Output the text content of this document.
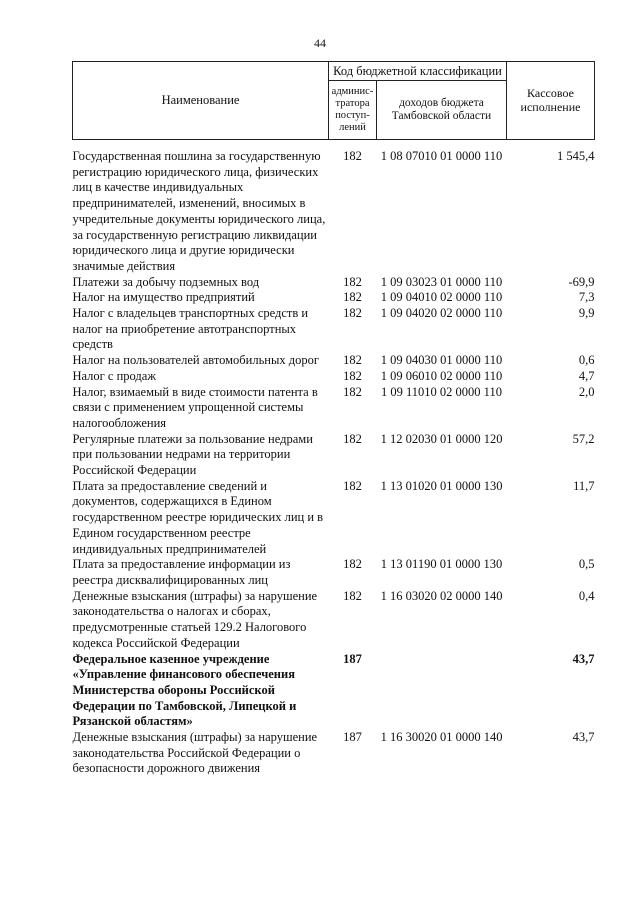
44
Наименование	Код бюджетной классификации		Кассовое исполнение
	админис-тратора поступ-лений	доходов бюджета Тамбовской области	

Государственная пошлина за государственную регистрацию юридического лица, физических лиц в качестве индивидуальных предпринимателей, изменений, вносимых в учредительные документы юридического лица, за государственную регистрацию ликвидации юридического лица и другие юридически значимые действия	182	1 08 07010 01 0000 110	1 545,4
Платежи за добычу подземных вод	182	1 09 03023 01 0000 110	-69,9
Налог на имущество предприятий	182	1 09 04010 02 0000 110	7,3
Налог с владельцев транспортных средств и налог на приобретение автотранспортных средств	182	1 09 04020 02 0000 110	9,9
Налог на пользователей автомобильных дорог	182	1 09 04030 01 0000 110	0,6
Налог с продаж	182	1 09 06010 02 0000 110	4,7
Налог, взимаемый в виде стоимости патента в связи с применением упрощенной системы налогообложения	182	1 09 11010 02 0000 110	2,0
Регулярные платежи за пользование недрами при пользовании недрами на территории Российской Федерации	182	1 12 02030 01 0000 120	57,2
Плата за предоставление сведений и документов, содержащихся в Едином государственном реестре юридических лиц и в Едином государственном реестре индивидуальных предпринимателей	182	1 13 01020 01 0000 130	11,7
Плата за предоставление информации из реестра дисквалифицированных лиц	182	1 13 01190 01 0000 130	0,5
Денежные взыскания (штрафы) за нарушение законодательства о налогах и сборах, предусмотренные статьей 129.2 Налогового кодекса Российской Федерации	182	1 16 03020 02 0000 140	0,4
Федеральное казенное учреждение «Управление финансового обеспечения Министерства обороны Российской Федерации по Тамбовской, Липецкой и Рязанской областям»	187		43,7
Денежные взыскания (штрафы) за нарушение законодательства Российской Федерации о безопасности дорожного движения	187	1 16 30020 01 0000 140	43,7
